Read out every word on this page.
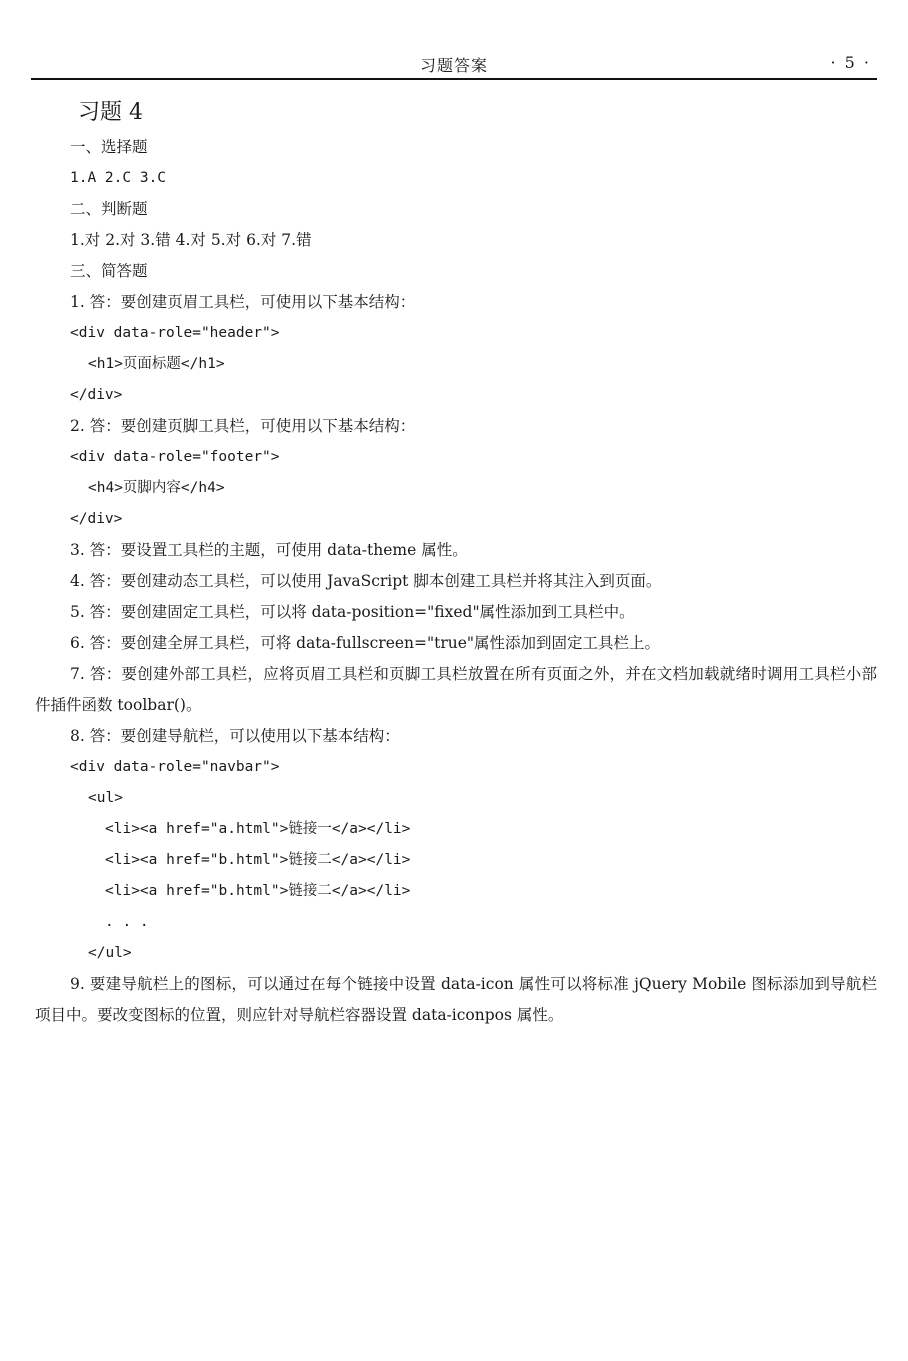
习题答案	· 5 ·
习题 4
一、选择题
1.A 2.C 3.C
二、判断题
1.对 2.对 3.错 4.对 5.对 6.对 7.错
三、简答题
1. 答：要创建页眉工具栏，可使用以下基本结构：
<div data-role="header">
<h1>页面标题</h1>
</div>
2. 答：要创建页脚工具栏，可使用以下基本结构：
<div data-role="footer">
<h4>页脚内容</h4>
</div>
3. 答：要设置工具栏的主题，可使用 data-theme 属性。
4. 答：要创建动态工具栏，可以使用 JavaScript 脚本创建工具栏并将其注入到页面。
5. 答：要创建固定工具栏，可以将 data-position="fixed"属性添加到工具栏中。
6. 答：要创建全屏工具栏，可将 data-fullscreen="true"属性添加到固定工具栏上。
7. 答：要创建外部工具栏，应将页眉工具栏和页脚工具栏放置在所有页面之外，并在文档加载就绪时调用工具栏小部件插件函数 toolbar()。
8. 答：要创建导航栏，可以使用以下基本结构：
<div data-role="navbar">
<ul>
<li><a href="a.html">链接一</a></li>
<li><a href="b.html">链接二</a></li>
<li><a href="b.html">链接二</a></li>
. . .
</ul>
9. 要建导航栏上的图标，可以通过在每个链接中设置 data-icon 属性可以将标准 jQuery Mobile 图标添加到导航栏项目中。要改变图标的位置，则应针对导航栏容器设置 data-iconpos 属性。
